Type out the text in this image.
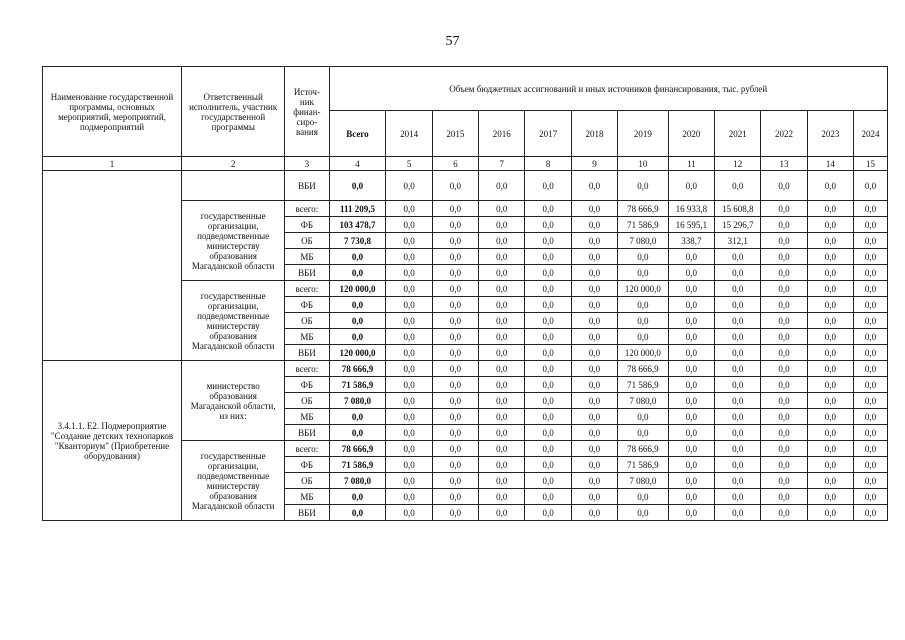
57
Наименование государственной программы, основных мероприятий, мероприятий, подмероприятий	Ответственный исполнитель, участник государственной программы	Источ-ник финан-сиро-вания	Объем бюджетных ассигнований и иных источников финансирования, тыс. рублей											
			Всего	2014	2015	2016	2017	2018	2019	2020	2021	2022	2023	2024
1	2	3	4	5	6	7	8	9	10	11	12	13	14	15
		ВБИ	0,0	0,0	0,0	0,0	0,0	0,0	0,0	0,0	0,0	0,0	0,0	0,0
	государственные организации, подведомственные министерству образования Магаданской области	всего:	111 209,5	0,0	0,0	0,0	0,0	0,0	78 666,9	16 933,8	15 608,8	0,0	0,0	0,0
		ФБ	103 478,7	0,0	0,0	0,0	0,0	0,0	71 586,9	16 595,1	15 296,7	0,0	0,0	0,0
		ОБ	7 730,8	0,0	0,0	0,0	0,0	0,0	7 080,0	338,7	312,1	0,0	0,0	0,0
		МБ	0,0	0,0	0,0	0,0	0,0	0,0	0,0	0,0	0,0	0,0	0,0	0,0
		ВБИ	0,0	0,0	0,0	0,0	0,0	0,0	0,0	0,0	0,0	0,0	0,0	0,0
	государственные организации, подведомственные министерству образования Магаданской области	всего:	120 000,0	0,0	0,0	0,0	0,0	0,0	120 000,0	0,0	0,0	0,0	0,0	0,0
		ФБ	0,0	0,0	0,0	0,0	0,0	0,0	0,0	0,0	0,0	0,0	0,0	0,0
		ОБ	0,0	0,0	0,0	0,0	0,0	0,0	0,0	0,0	0,0	0,0	0,0	0,0
		МБ	0,0	0,0	0,0	0,0	0,0	0,0	0,0	0,0	0,0	0,0	0,0	0,0
		ВБИ	120 000,0	0,0	0,0	0,0	0,0	0,0	120 000,0	0,0	0,0	0,0	0,0	0,0
3.4.1.1. Е2. Подмероприятие "Создание детских технопарков "Кванториум" (Приобретение оборудования)	министерство образования Магаданской области, из них:	всего:	78 666,9	0,0	0,0	0,0	0,0	0,0	78 666,9	0,0	0,0	0,0	0,0	0,0
		ФБ	71 586,9	0,0	0,0	0,0	0,0	0,0	71 586,9	0,0	0,0	0,0	0,0	0,0
		ОБ	7 080,0	0,0	0,0	0,0	0,0	0,0	7 080,0	0,0	0,0	0,0	0,0	0,0
		МБ	0,0	0,0	0,0	0,0	0,0	0,0	0,0	0,0	0,0	0,0	0,0	0,0
		ВБИ	0,0	0,0	0,0	0,0	0,0	0,0	0,0	0,0	0,0	0,0	0,0	0,0
	государственные организации, подведомственные министерству образования Магаданской области	всего:	78 666,9	0,0	0,0	0,0	0,0	0,0	78 666,9	0,0	0,0	0,0	0,0	0,0
		ФБ	71 586,9	0,0	0,0	0,0	0,0	0,0	71 586,9	0,0	0,0	0,0	0,0	0,0
		ОБ	7 080,0	0,0	0,0	0,0	0,0	0,0	7 080,0	0,0	0,0	0,0	0,0	0,0
		МБ	0,0	0,0	0,0	0,0	0,0	0,0	0,0	0,0	0,0	0,0	0,0	0,0
		ВБИ	0,0	0,0	0,0	0,0	0,0	0,0	0,0	0,0	0,0	0,0	0,0	0,0
